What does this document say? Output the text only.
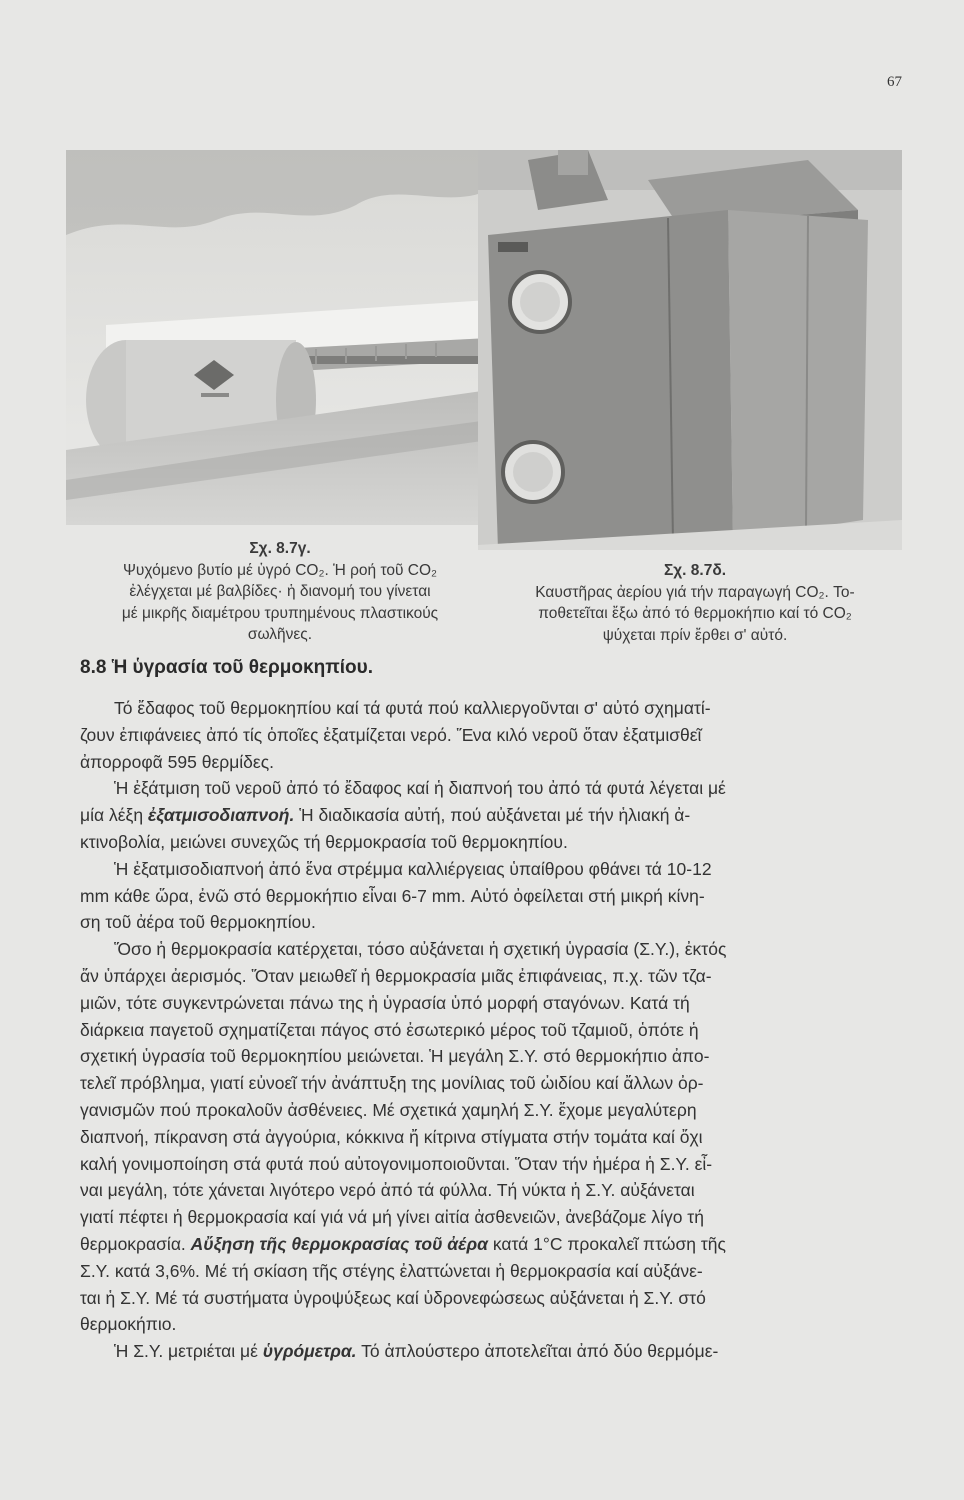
67
Σχ. 8.7γ.
Ψυχόμενο βυτίο μέ ὑγρό CO₂. Ἡ ροή τοῦ CO₂
ἐλέγχεται μέ βαλβίδες· ἡ διανομή του γίνεται
μέ μικρῆς διαμέτρου τρυπημένους πλαστικούς
σωλῆνες.
Σχ. 8.7δ.
Καυστῆρας ἀερίου γιά τήν παραγωγή CO₂. Το-
ποθετεῖται ἔξω ἀπό τό θερμοκήπιο καί τό CO₂
ψύχεται πρίν ἔρθει σ' αὐτό.
8.8 Ἡ ὑγρασία τοῦ θερμοκηπίου.
Τό ἔδαφος τοῦ θερμοκηπίου καί τά φυτά πού καλλιεργοῦνται σ' αὐτό σχηματί-
ζουν ἐπιφάνειες ἀπό τίς ὁποῖες ἐξατμίζεται νερό. Ἕνα κιλό νεροῦ ὅταν ἐξατμισθεῖ
ἀπορροφᾶ 595 θερμίδες.
Ἡ ἐξάτμιση τοῦ νεροῦ ἀπό τό ἔδαφος καί ἡ διαπνοή του ἀπό τά φυτά λέγεται μέ
μία λέξη ἐξατμισοδιαπνοή. Ἡ διαδικασία αὐτή, πού αὐξάνεται μέ τήν ἡλιακή ἀ-
κτινοβολία, μειώνει συνεχῶς τή θερμοκρασία τοῦ θερμοκηπίου.
Ἡ ἐξατμισοδιαπνοή ἀπό ἕνα στρέμμα καλλιέργειας ὑπαίθρου φθάνει τά 10-12
mm κάθε ὥρα, ἐνῶ στό θερμοκήπιο εἶναι 6-7 mm. Αὐτό ὀφείλεται στή μικρή κίνη-
ση τοῦ ἀέρα τοῦ θερμοκηπίου.
Ὅσο ἡ θερμοκρασία κατέρχεται, τόσο αὐξάνεται ἡ σχετική ὑγρασία (Σ.Υ.), ἐκτός
ἄν ὑπάρχει ἀερισμός. Ὅταν μειωθεῖ ἡ θερμοκρασία μιᾶς ἐπιφάνειας, π.χ. τῶν τζα-
μιῶν, τότε συγκεντρώνεται πάνω της ἡ ὑγρασία ὑπό μορφή σταγόνων. Κατά τή
διάρκεια παγετοῦ σχηματίζεται πάγος στό ἐσωτερικό μέρος τοῦ τζαμιοῦ, ὁπότε ἡ
σχετική ὑγρασία τοῦ θερμοκηπίου μειώνεται. Ἡ μεγάλη Σ.Υ. στό θερμοκήπιο ἀπο-
τελεῖ πρόβλημα, γιατί εὐνοεῖ τήν ἀνάπτυξη της μονίλιας τοῦ ὠιδίου καί ἄλλων ὀρ-
γανισμῶν πού προκαλοῦν ἀσθένειες. Μέ σχετικά χαμηλή Σ.Υ. ἔχομε μεγαλύτερη
διαπνοή, πίκρανση στά ἀγγούρια, κόκκινα ἤ κίτρινα στίγματα στήν τομάτα καί ὄχι
καλή γονιμοποίηση στά φυτά πού αὐτογονιμοποιοῦνται. Ὅταν τήν ἡμέρα ἡ Σ.Υ. εἶ-
ναι μεγάλη, τότε χάνεται λιγότερο νερό ἀπό τά φύλλα. Τή νύκτα ἡ Σ.Υ. αὐξάνεται
γιατί πέφτει ἡ θερμοκρασία καί γιά νά μή γίνει αἰτία ἀσθενειῶν, ἀνεβάζομε λίγο τή
θερμοκρασία. Αὔξηση τῆς θερμοκρασίας τοῦ ἀέρα κατά 1°C προκαλεῖ πτώση τῆς
Σ.Υ. κατά 3,6%. Μέ τή σκίαση τῆς στέγης ἐλαττώνεται ἡ θερμοκρασία καί αὐξάνε-
ται ἡ Σ.Υ. Μέ τά συστήματα ὑγροψύξεως καί ὑδρονεφώσεως αὐξάνεται ἡ Σ.Υ. στό
θερμοκήπιο.
Ἡ Σ.Υ. μετριέται μέ ὑγρόμετρα. Τό ἁπλούστερο ἀποτελεῖται ἀπό δύο θερμόμε-
